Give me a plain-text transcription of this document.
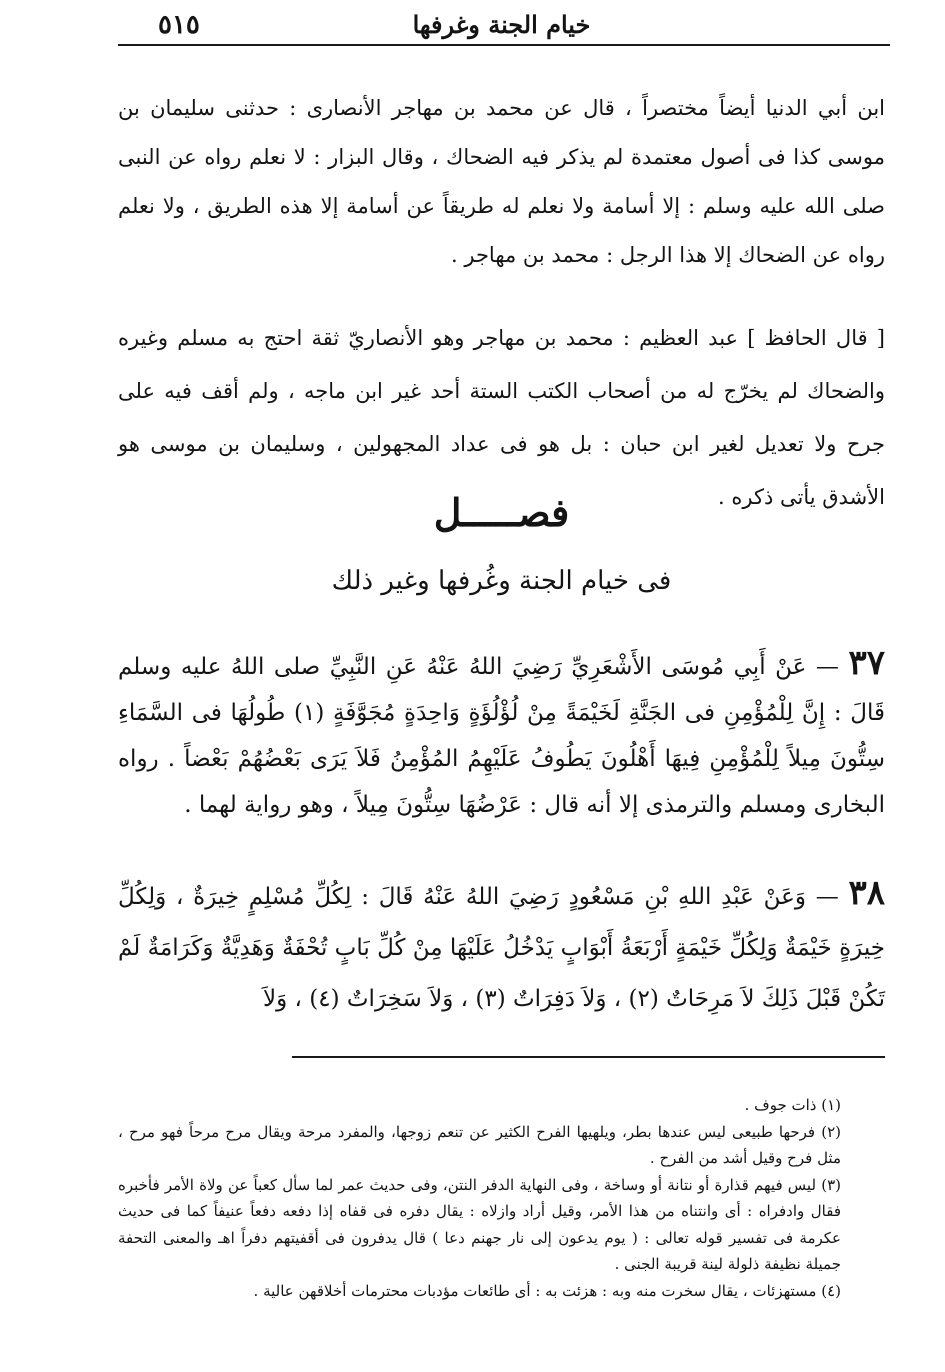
خيام الجنة وغرفها
٥١٥
ابن أبي الدنيا أيضاً مختصراً ، قال عن محمد بن مهاجر الأنصارى : حدثنى سليمان بن موسى كذا فى أصول معتمدة لم يذكر فيه الضحاك ، وقال البزار : لا نعلم رواه عن النبى صلى الله عليه وسلم : إلا أسامة ولا نعلم له طريقاً عن أسامة إلا هذه الطريق ، ولا نعلم رواه عن الضحاك إلا هذا الرجل : محمد بن مهاجر .
[ قال الحافظ ] عبد العظيم : محمد بن مهاجر وهو الأنصاريّ ثقة احتج به مسلم وغيره والضحاك لم يخرّج له من أصحاب الكتب الستة أحد غير ابن ماجه ، ولم أقف فيه على جرح ولا تعديل لغير ابن حبان : بل هو فى عداد المجهولين ، وسليمان بن موسى هو الأشدق يأتى ذكره .
فصـــــل
فى خيام الجنة وغُرفها وغير ذلك
٣٧ — عَنْ أَبِي مُوسَى الأَشْعَرِيِّ رَضِيَ اللهُ عَنْهُ عَنِ النَّبِيِّ صلى اللهُ عليه وسلم قَالَ : إِنَّ لِلْمُؤْمِنِ فى الجَنَّةِ لَخَيْمَةً مِنْ لُؤْلُؤَةٍ وَاحِدَةٍ مُجَوَّفَةٍ (١) طُولُهَا فى السَّمَاءِ سِتُّونَ مِيلاً لِلْمُؤْمِنِ فِيهَا أَهْلُونَ يَطُوفُ عَلَيْهِمُ المُؤْمِنُ فَلاَ يَرَى بَعْضُهُمْ بَعْضاً . رواه البخارى ومسلم والترمذى إلا أنه قال : عَرْضُهَا سِتُّونَ مِيلاً ، وهو رواية لهما .
٣٨ — وَعَنْ عَبْدِ اللهِ بْنِ مَسْعُودٍ رَضِيَ اللهُ عَنْهُ قَالَ : لِكُلِّ مُسْلِمٍ خِيرَةٌ ، وَلِكُلِّ خِيرَةٍ خَيْمَةٌ وَلِكُلِّ خَيْمَةٍ أَرْبَعَةُ أَبْوَابٍ يَدْخُلُ عَلَيْهَا مِنْ كُلِّ بَابٍ تُحْفَةٌ وَهَدِيَّةٌ وَكَرَامَةٌ لَمْ تَكُنْ قَبْلَ ذَلِكَ لاَ مَرِحَاتٌ (٢) ، وَلاَ دَفِرَاتٌ (٣) ، وَلاَ سَخِرَاتٌ (٤) ، وَلاَ

(١) ذات جوف .

(٢) فرحها طبيعى ليس عندها بطر، ويلهيها الفرح الكثير عن تنعم زوجها، والمفرد مرحة ويقال مرح مرحاً فهو مرح ، مثل فرح وقيل أشد من الفرح .

(٣) ليس فيهم قذارة أو نتانة أو وساخة ، وفى النهاية الدفر النتن، وفى حديث عمر لما سأل كعباً عن ولاة الأمر فأخبره فقال وادفراه : أى وانتناه من هذا الأمر، وقيل أراد وازلاه : يقال دفره فى قفاه إذا دفعه دفعاً عنيفاً كما فى حديث عكرمة فى تفسير قوله تعالى : ( يوم يدعون إلى نار جهنم دعا ) قال يدفرون فى أقفيتهم دفراً اهـ والمعنى التحفة جميلة نظيفة ذلولة لينة قريبة الجنى .

(٤) مستهزئات ، يقال سخرت منه وبه : هزئت به : أى طائعات مؤدبات محترمات أخلاقهن عالية .
